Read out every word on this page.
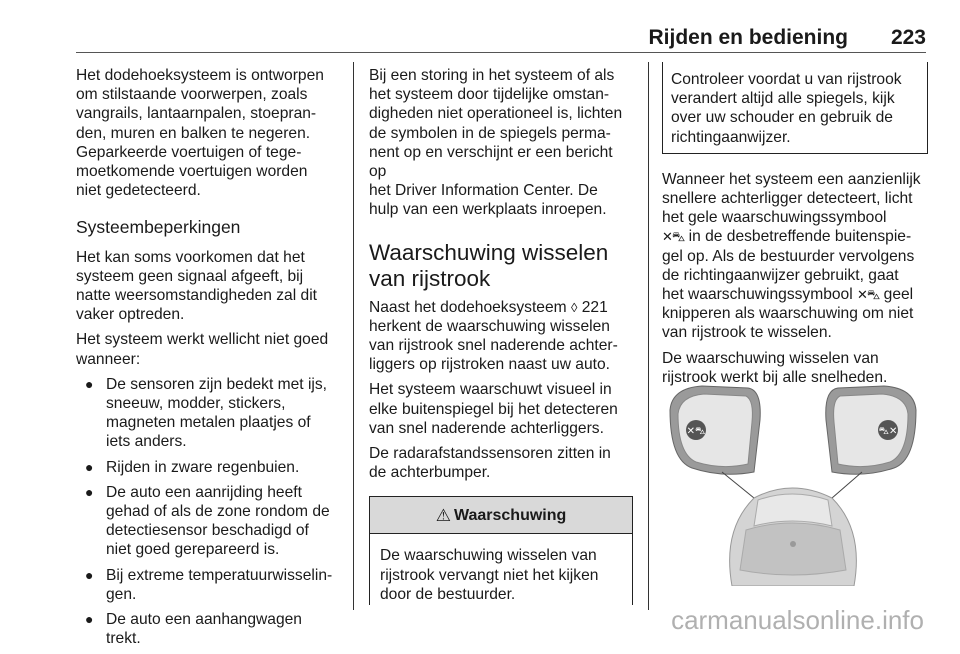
Rijden en bediening 223

Het dodehoeksysteem is ontworpen
om stilstaande voorwerpen, zoals
vangrails, lantaarnpalen, stoepran-
den, muren en balken te negeren.
Geparkeerde voertuigen of tege-
moetkomende voertuigen worden
niet gedetecteerd.

Systeembeperkingen

Het kan soms voorkomen dat het
systeem geen signaal afgeeft, bij
natte weersomstandigheden zal dit
vaker optreden.

Het systeem werkt wellicht niet goed
wanneer:

● De sensoren zijn bedekt met ijs,
sneeuw, modder, stickers,
magneten metalen plaatjes of
iets anders.
● Rijden in zware regenbuien.
● De auto een aanrijding heeft
gehad of als de zone rondom de
detectiesensor beschadigd of
niet goed gerepareerd is.
● Bij extreme temperatuurwisselin-
gen.
● De auto een aanhangwagen
trekt.

Bij een storing in het systeem of als
het systeem door tijdelijke omstan-
digheden niet operationeel is, lichten
de symbolen in de spiegels perma-
nent op en verschijnt er een bericht op
het Driver Information Center. De
hulp van een werkplaats inroepen.

Waarschuwing wisselen
van rijstrook

Naast het dodehoeksysteem ◊ 221
herkent de waarschuwing wisselen
van rijstrook snel naderende achter-
liggers op rijstroken naast uw auto.

Het systeem waarschuwt visueel in
elke buitenspiegel bij het detecteren
van snel naderende achterliggers.

De radarafstandssensoren zitten in
de achterbumper.

⚠ Waarschuwing
De waarschuwing wisselen van
rijstrook vervangt niet het kijken
door de bestuurder.
Controleer voordat u van rijstrook
verandert altijd alle spiegels, kijk
over uw schouder en gebruik de
richtingaanwijzer.

Wanneer het systeem een aanzienlijk
snellere achterligger detecteert, licht
het gele waarschuwingssymbool
✕⛍ in de desbetreffende buitenspie-
gel op. Als de bestuurder vervolgens
de richtingaanwijzer gebruikt, gaat
het waarschuwingssymbool ✕⛍ geel
knipperen als waarschuwing om niet
van rijstrook te wisselen.

De waarschuwing wisselen van
rijstrook werkt bij alle snelheden.

✕⛍	⛍✕
carmanualsonline.info
